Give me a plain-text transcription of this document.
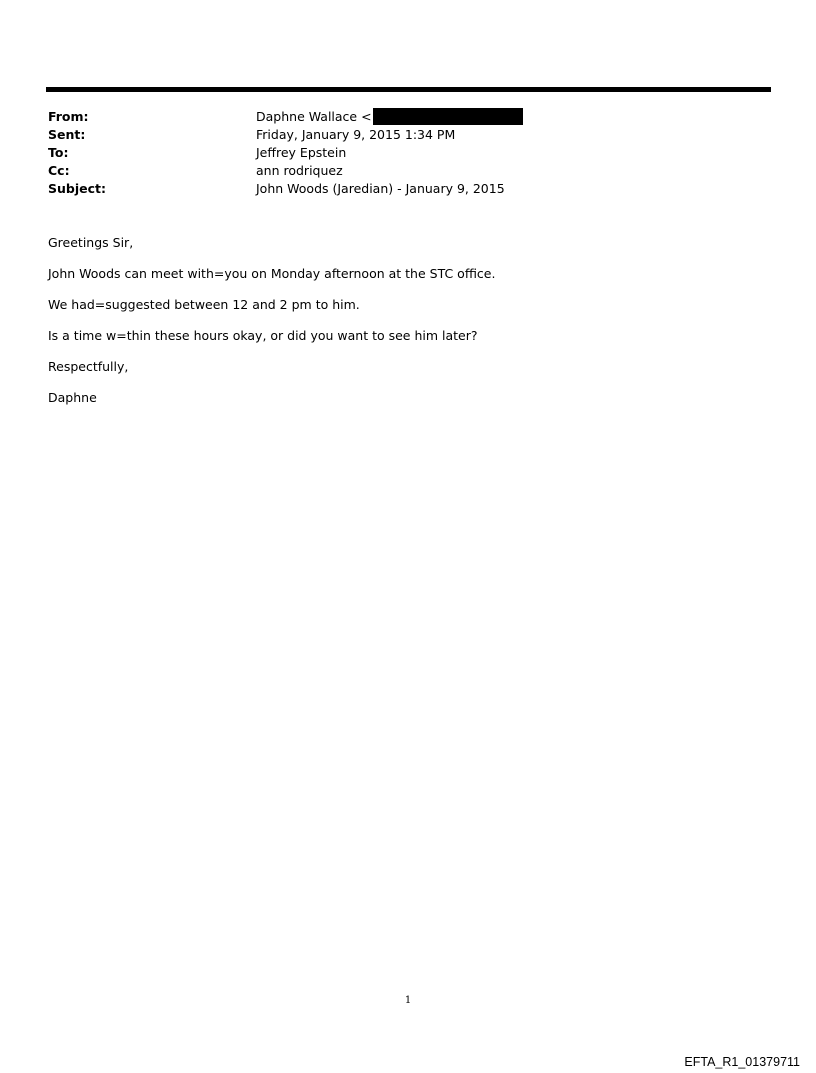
From:	Daphne Wallace <
Sent:	Friday, January 9, 2015 1:34 PM
To:	Jeffrey Epstein
Cc:	ann rodriquez
Subject:	John Woods (Jaredian) - January 9, 2015

Greetings Sir,

John Woods can meet with=you on Monday afternoon at the STC office.

We had=suggested between 12 and 2 pm to him.

Is a time w=thin these hours okay, or did you want to see him later?

Respectfully,

Daphne

1
EFTA_R1_01379711
